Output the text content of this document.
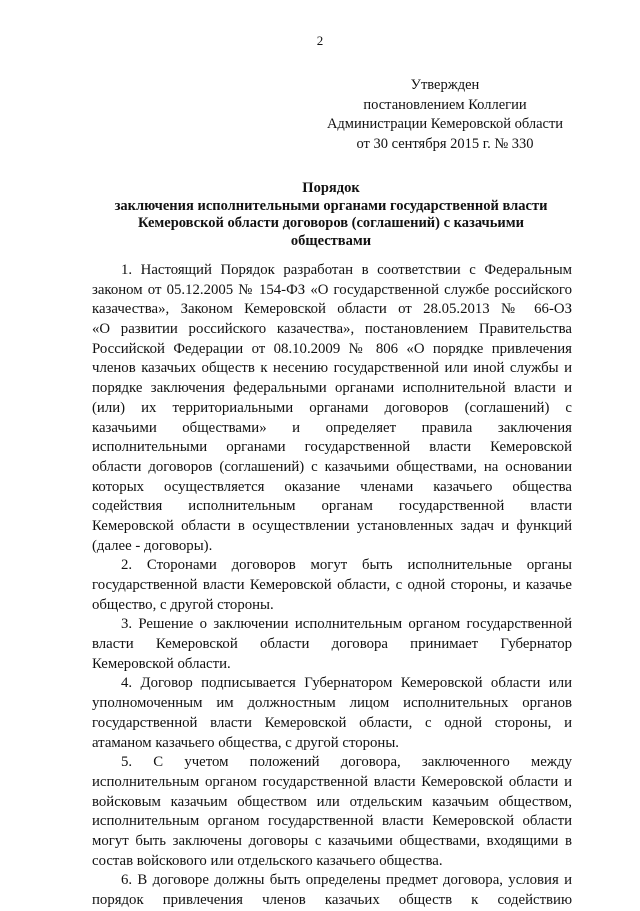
2
Утвержден
постановлением Коллегии
Администрации Кемеровской области
от 30 сентября 2015 г. № 330
Порядок
заключения исполнительными органами государственной власти
Кемеровской области договоров (соглашений) с казачьими
обществами
1. Настоящий Порядок разработан в соответствии с Федеральным
законом от 05.12.2005 № 154-ФЗ «О государственной службе российского
казачества», Законом Кемеровской области от 28.05.2013 № 66-ОЗ
«О развитии российского казачества», постановлением Правительства
Российской Федерации от 08.10.2009 № 806 «О порядке привлечения
членов казачьих обществ к несению государственной или иной службы и
порядке заключения федеральными органами исполнительной власти и
(или) их территориальными органами договоров (соглашений) с
казачьими обществами» и определяет правила заключения
исполнительными органами государственной власти Кемеровской
области договоров (соглашений) с казачьими обществами, на основании
которых осуществляется оказание членами казачьего общества
содействия исполнительным органам государственной власти
Кемеровской области в осуществлении установленных задач и функций
(далее - договоры).
2. Сторонами договоров могут быть исполнительные органы
государственной власти Кемеровской области, с одной стороны, и казачье
общество, с другой стороны.
3. Решение о заключении исполнительным органом государственной
власти Кемеровской области договора принимает Губернатор
Кемеровской области.
4. Договор подписывается Губернатором Кемеровской области или
уполномоченным им должностным лицом исполнительных органов
государственной власти Кемеровской области, с одной стороны, и
атаманом казачьего общества, с другой стороны.
5. С учетом положений договора, заключенного между
исполнительным органом государственной власти Кемеровской области и
войсковым казачьим обществом или отдельским казачьим обществом,
исполнительным органом государственной власти Кемеровской области
могут быть заключены договоры с казачьими обществами, входящими в
состав войскового или отдельского казачьего общества.
6. В договоре должны быть определены предмет договора, условия и
порядок привлечения членов казачьих обществ к содействию
